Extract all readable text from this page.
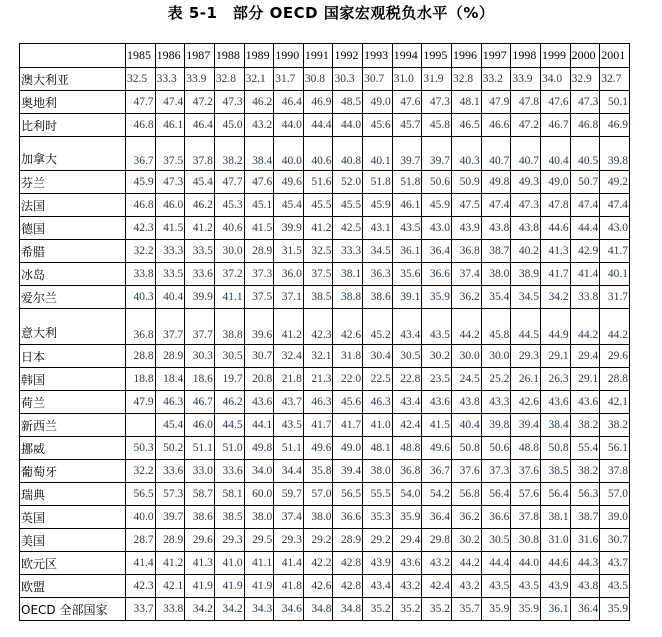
表 5-1　部分 OECD 国家宏观税负水平（%）
	1985	1986	1987	1988	1989	1990	1991	1992	1993	1994	1995	1996	1997	1998	1999	2000	2001
澳大利亚	32.5	33.3	33.9	32.8	32.1	31.7	30.8	30.3	30.7	31.0	31.9	32.8	33.2	33.9	34.0	32.9	32.7
奥地利	47.7	47.4	47.2	47.3	46.2	46.4	46.9	48.5	49.0	47.6	47.3	48.1	47.9	47.8	47.6	47.3	50.1
比利时	46.8	46.1	46.4	45.0	43.2	44.0	44.4	44.0	45.6	45.7	45.8	46.5	46.6	47.2	46.7	46.8	46.9
加拿大	36.7	37.5	37.8	38.2	38.4	40.0	40.6	40.8	40.1	39.7	39.7	40.3	40.7	40.7	40.4	40.5	39.8
芬兰	45.9	47.3	45.4	47.7	47.6	49.6	51.6	52.0	51.8	51.8	50.6	50.9	49.8	49.3	49.0	50.7	49.2
法国	46.8	46.0	46.2	45.3	45.1	45.4	45.5	45.5	45.9	46.1	45.9	47.5	47.4	47.3	47.8	47.4	47.4
德国	42.3	41.5	41.2	40.6	41.5	39.9	41.2	42.5	43.1	43.5	43.0	43.9	43.8	43.8	44.6	44.4	43.0
希腊	32.2	33.3	33.5	30.0	28.9	31.5	32.5	33.3	34.5	36.1	36.4	36.8	38.7	40.2	41.3	42.9	41.7
冰岛	33.8	33.5	33.6	37.2	37.3	36.0	37.5	38.1	36.3	35.6	36.6	37.4	38.0	38.9	41.7	41.4	40.1
爱尔兰	40.3	40.4	39.9	41.1	37.5	37.1	38.5	38.8	38.6	39.1	35.9	36.2	35.4	34.5	34.2	33.8	31.7
意大利	36.8	37.7	37.7	38.8	39.6	41.2	42.3	42.6	45.2	43.4	43.5	44.2	45.8	44.5	44.9	44.2	44.2
日本	28.8	28.9	30.3	30.5	30.7	32.4	32.1	31.8	30.4	30.5	30.2	30.0	30.0	29.3	29.1	29.4	29.6
韩国	18.8	18.4	18.6	19.7	20.8	21.8	21.3	22.0	22.5	22.8	23.5	24.5	25.2	26.1	26.3	29.1	28.8
荷兰	47.9	46.3	46.7	46.2	43.6	43.7	46.3	45.6	46.3	43.4	43.6	43.8	43.3	42.6	43.6	43.6	42.1
新西兰		45.4	46.0	44.5	44.1	43.5	41.7	41.7	41.0	42.4	41.5	40.4	39.8	39.4	38.4	38.2	38.2
挪威	50.3	50.2	51.1	51.0	49.8	51.1	49.6	49.0	48.1	48.8	49.6	50.8	50.6	48.8	50.8	55.4	56.1
葡萄牙	32.2	33.6	33.0	33.6	34.0	34.4	35.8	39.4	38.0	36.8	36.7	37.6	37.3	37.6	38.5	38.2	37.8
瑞典	56.5	57.3	58.7	58.1	60.0	59.7	57.0	56.5	55.5	54.0	54.2	56.8	56.4	57.6	56.4	56.3	57.0
英国	40.0	39.7	38.6	38.5	38.0	37.4	38.0	36.6	35.3	35.9	36.4	36.2	36.6	37.8	38.1	38.7	39.0
美国	28.7	28.9	29.6	29.3	29.5	29.3	29.2	28.9	29.2	29.4	29.8	30.2	30.5	30.8	31.0	31.6	30.7
欧元区	41.4	41.2	41.3	41.0	41.1	41.4	42.2	42.8	43.9	43.6	43.2	44.2	44.4	44.0	44.6	44.3	43.7
欧盟	42.3	42.1	41.9	41.9	41.9	41.8	42.6	42.8	43.4	43.2	42.4	43.2	43.5	43.5	43.9	43.8	43.5
OECD 全部国家	33.7	33.8	34.2	34.2	34.3	34.6	34.8	34.8	35.2	35.2	35.2	35.7	35.9	35.9	36.1	36.4	35.9
